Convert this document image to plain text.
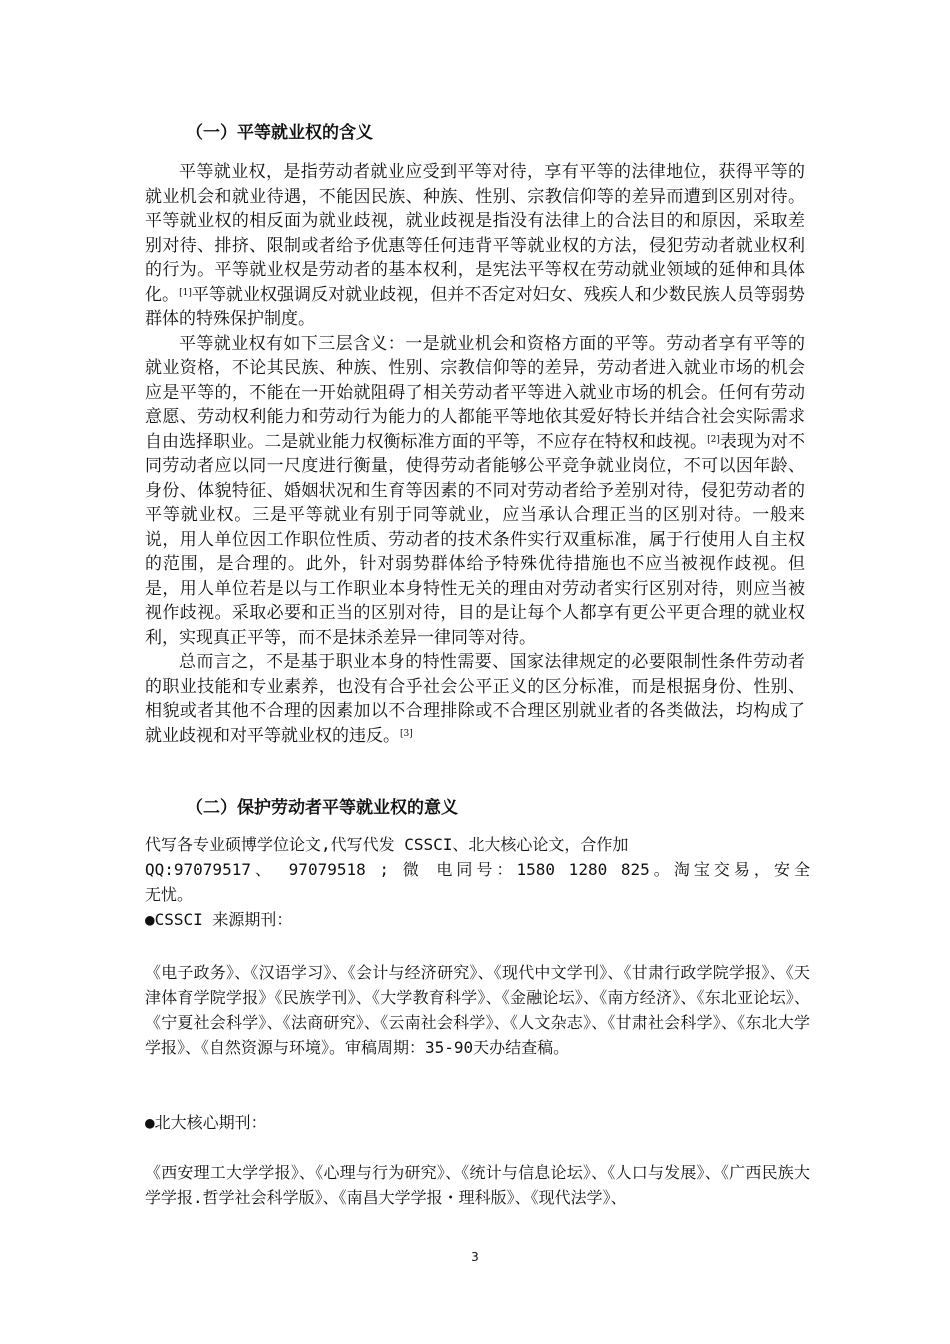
（一）平等就业权的含义

平等就业权，是指劳动者就业应受到平等对待，享有平等的法律地位，获得平等的就业机会和就业待遇，不能因民族、种族、性别、宗教信仰等的差异而遭到区别对待。平等就业权的相反面为就业歧视，就业歧视是指没有法律上的合法目的和原因，采取差别对待、排挤、限制或者给予优惠等任何违背平等就业权的方法，侵犯劳动者就业权利的行为。平等就业权是劳动者的基本权利，是宪法平等权在劳动就业领域的延伸和具体化。[1]平等就业权强调反对就业歧视，但并不否定对妇女、残疾人和少数民族人员等弱势群体的特殊保护制度。

平等就业权有如下三层含义：一是就业机会和资格方面的平等。劳动者享有平等的就业资格，不论其民族、种族、性别、宗教信仰等的差异，劳动者进入就业市场的机会应是平等的，不能在一开始就阻碍了相关劳动者平等进入就业市场的机会。任何有劳动意愿、劳动权利能力和劳动行为能力的人都能平等地依其爱好特长并结合社会实际需求自由选择职业。二是就业能力权衡标准方面的平等，不应存在特权和歧视。[2]表现为对不同劳动者应以同一尺度进行衡量，使得劳动者能够公平竞争就业岗位，不可以因年龄、身份、体貌特征、婚姻状况和生育等因素的不同对劳动者给予差别对待，侵犯劳动者的平等就业权。三是平等就业有别于同等就业，应当承认合理正当的区别对待。一般来说，用人单位因工作职位性质、劳动者的技术条件实行双重标准，属于行使用人自主权的范围，是合理的。此外，针对弱势群体给予特殊优待措施也不应当被视作歧视。但是，用人单位若是以与工作职业本身特性无关的理由对劳动者实行区别对待，则应当被视作歧视。采取必要和正当的区别对待，目的是让每个人都享有更公平更合理的就业权利，实现真正平等，而不是抹杀差异一律同等对待。

总而言之，不是基于职业本身的特性需要、国家法律规定的必要限制性条件劳动者的职业技能和专业素养，也没有合乎社会公平正义的区分标准，而是根据身份、性别、相貌或者其他不合理的因素加以不合理排除或不合理区别就业者的各类做法，均构成了就业歧视和对平等就业权的违反。[3]

（二）保护劳动者平等就业权的意义
代写各专业硕博学位论文,代写代发 CSSCI、北大核心论文，合作加
QQ:97079517、 97079518 ; 微 电同号：1580 1280 825。淘宝交易，安全
无忧。
●CSSCI 来源期刊：
《电子政务》、《汉语学习》、《会计与经济研究》、《现代中文学刊》、《甘肃行政学院学报》、《天津体育学院学报》《民族学刊》、《大学教育科学》、《金融论坛》、《南方经济》、《东北亚论坛》、《宁夏社会科学》、《法商研究》、《云南社会科学》、《人文杂志》、《甘肃社会科学》、《东北大学学报》、《自然资源与环境》。审稿周期：35-90天办结查稿。
●北大核心期刊：
《西安理工大学学报》、《心理与行为研究》、《统计与信息论坛》、《人口与发展》、《广西民族大学学报.哲学社会科学版》、《南昌大学学报・理科版》、《现代法学》、
3
